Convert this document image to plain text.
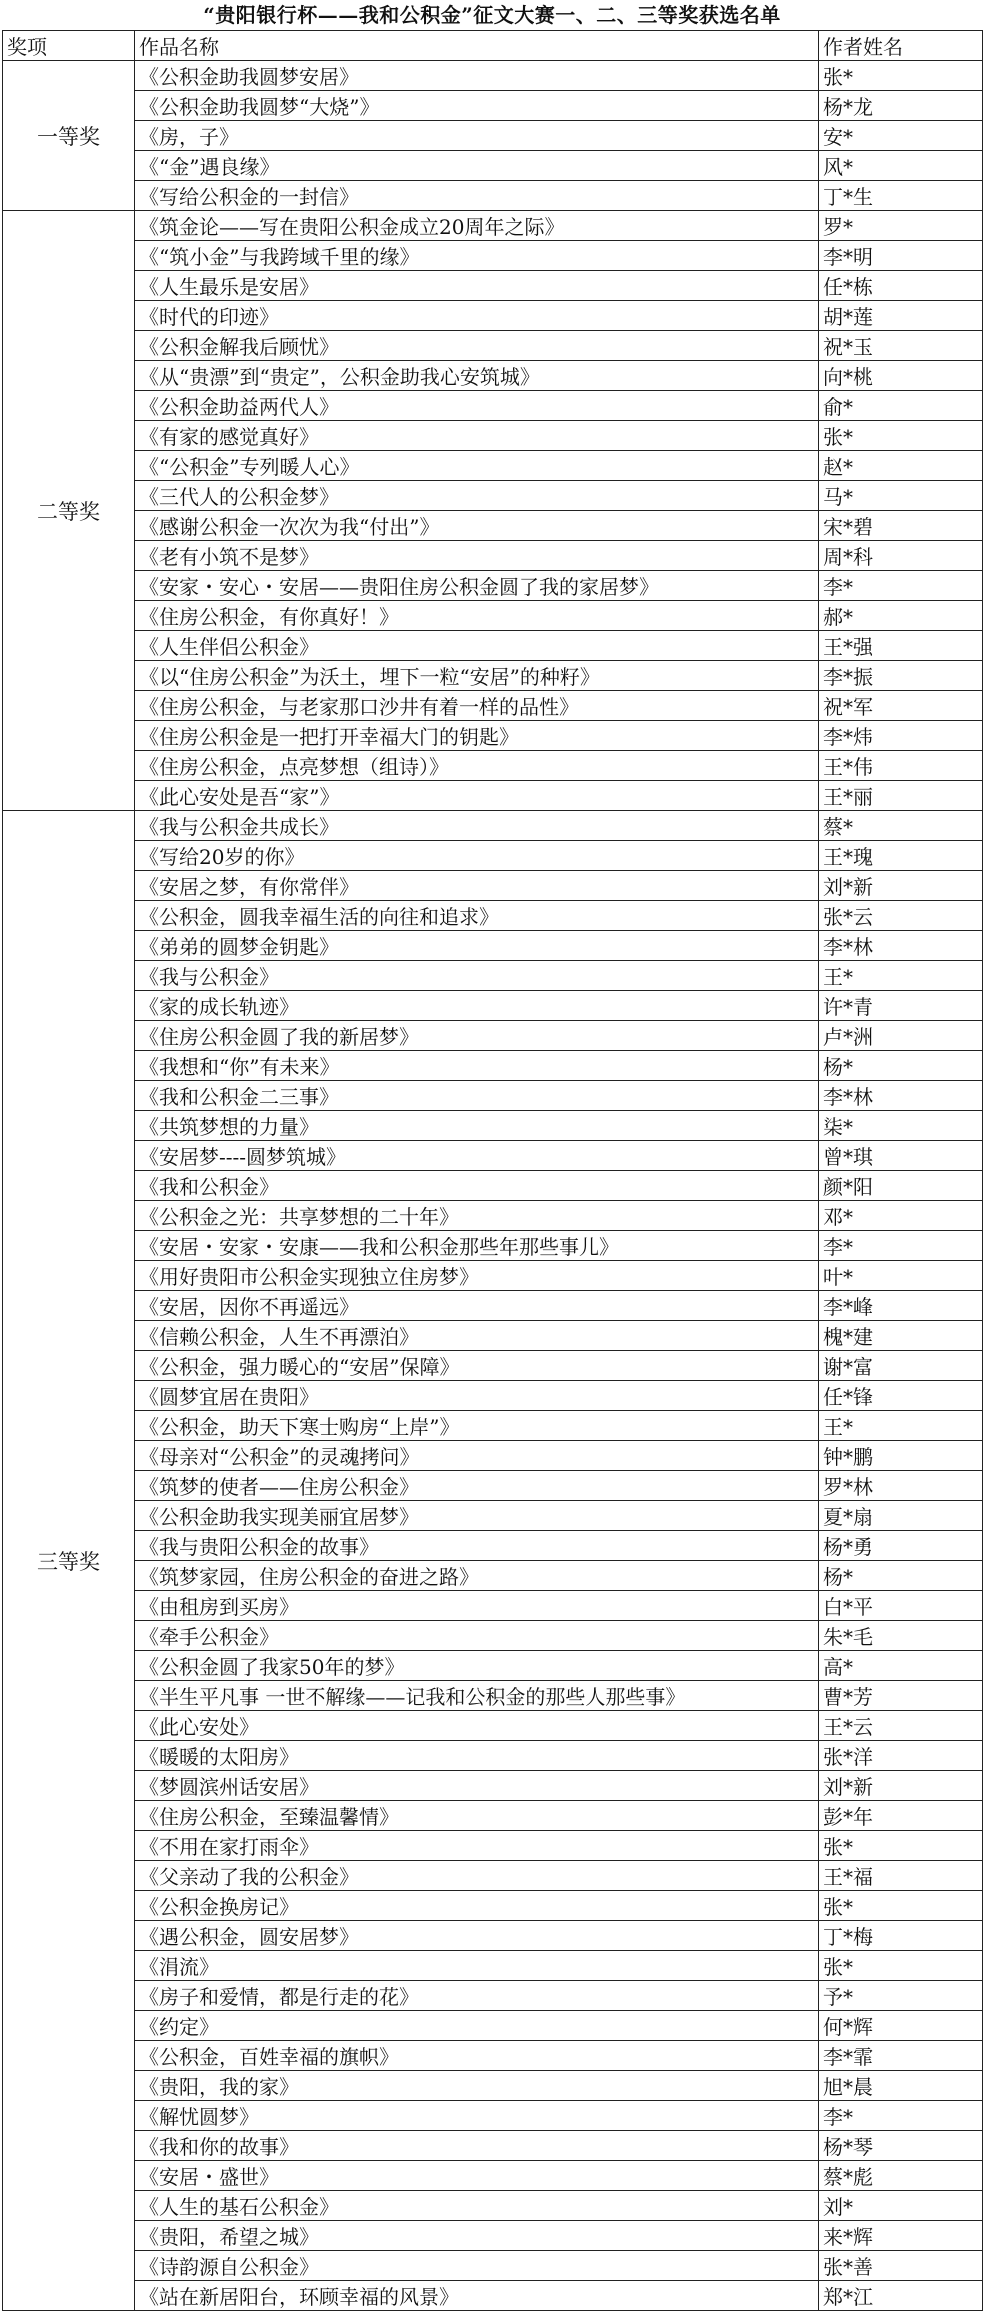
“贵阳银行杯——我和公积金”征文大赛一、二、三等奖获选名单
奖项	作品名称	作者姓名
一等奖	《公积金助我圆梦安居》	张*
	《公积金助我圆梦“大烧”》	杨*龙
	《房，子》	安*
	《“金”遇良缘》	风*
	《写给公积金的一封信》	丁*生
二等奖	《筑金论——写在贵阳公积金成立20周年之际》	罗*
	《“筑小金”与我跨域千里的缘》	李*明
	《人生最乐是安居》	任*栋
	《时代的印迹》	胡*莲
	《公积金解我后顾忧》	祝*玉
	《从“贵漂”到“贵定”，公积金助我心安筑城》	向*桃
	《公积金助益两代人》	俞*
	《有家的感觉真好》	张*
	《“公积金”专列暖人心》	赵*
	《三代人的公积金梦》	马*
	《感谢公积金一次次为我“付出”》	宋*碧
	《老有小筑不是梦》	周*科
	《安家・安心・安居——贵阳住房公积金圆了我的家居梦》	李*
	《住房公积金，有你真好！》	郝*
	《人生伴侣公积金》	王*强
	《以“住房公积金”为沃土，埋下一粒“安居”的种籽》	李*振
	《住房公积金，与老家那口沙井有着一样的品性》	祝*军
	《住房公积金是一把打开幸福大门的钥匙》	李*炜
	《住房公积金，点亮梦想（组诗）》	王*伟
	《此心安处是吾“家”》	王*丽
三等奖	《我与公积金共成长》	蔡*
	《写给20岁的你》	王*瑰
	《安居之梦，有你常伴》	刘*新
	《公积金，圆我幸福生活的向往和追求》	张*云
	《弟弟的圆梦金钥匙》	李*林
	《我与公积金》	王*
	《家的成长轨迹》	许*青
	《住房公积金圆了我的新居梦》	卢*洲
	《我想和“你”有未来》	杨*
	《我和公积金二三事》	李*林
	《共筑梦想的力量》	柒*
	《安居梦----圆梦筑城》	曾*琪
	《我和公积金》	颜*阳
	《公积金之光：共享梦想的二十年》	邓*
	《安居・安家・安康——我和公积金那些年那些事儿》	李*
	《用好贵阳市公积金实现独立住房梦》	叶*
	《安居，因你不再遥远》	李*峰
	《信赖公积金，人生不再漂泊》	槐*建
	《公积金，强力暖心的“安居”保障》	谢*富
	《圆梦宜居在贵阳》	任*锋
	《公积金，助天下寒士购房“上岸”》	王*
	《母亲对“公积金”的灵魂拷问》	钟*鹏
	《筑梦的使者——住房公积金》	罗*林
	《公积金助我实现美丽宜居梦》	夏*扇
	《我与贵阳公积金的故事》	杨*勇
	《筑梦家园，住房公积金的奋进之路》	杨*
	《由租房到买房》	白*平
	《牵手公积金》	朱*毛
	《公积金圆了我家50年的梦》	高*
	《半生平凡事 一世不解缘——记我和公积金的那些人那些事》	曹*芳
	《此心安处》	王*云
	《暖暖的太阳房》	张*洋
	《梦圆滨州话安居》	刘*新
	《住房公积金，至臻温馨情》	彭*年
	《不用在家打雨伞》	张*
	《父亲动了我的公积金》	王*福
	《公积金换房记》	张*
	《遇公积金，圆安居梦》	丁*梅
	《涓流》	张*
	《房子和爱情，都是行走的花》	予*
	《约定》	何*辉
	《公积金，百姓幸福的旗帜》	李*霏
	《贵阳，我的家》	旭*晨
	《解忧圆梦》	李*
	《我和你的故事》	杨*琴
	《安居・盛世》	蔡*彪
	《人生的基石公积金》	刘*
	《贵阳，希望之城》	来*辉
	《诗韵源自公积金》	张*善
	《站在新居阳台，环顾幸福的风景》	郑*江
